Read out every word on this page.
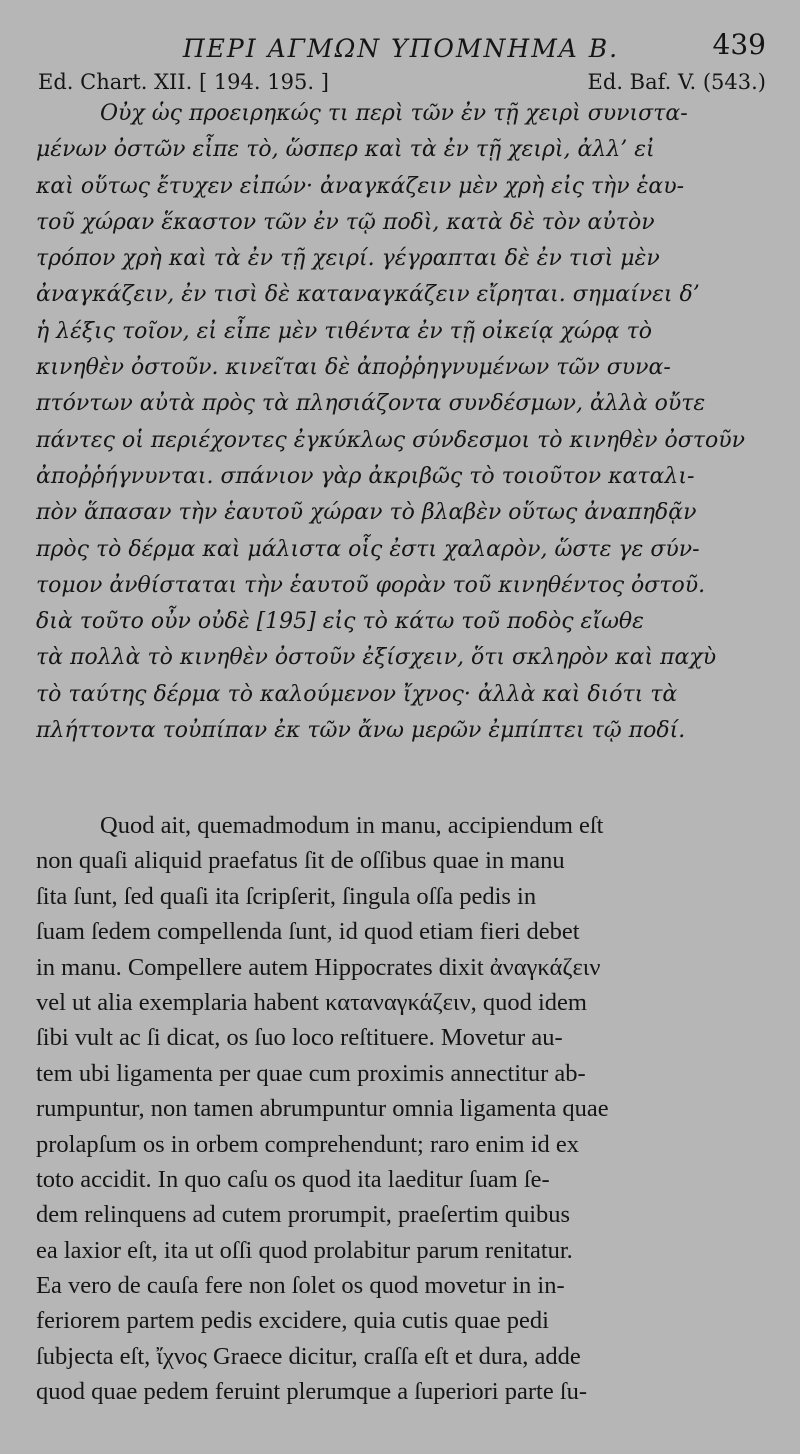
ΠΕΡΙ ΑΓΜΩΝ ΥΠΟΜΝΗΜΑ Β.	439
Ed. Chart. XII. [ 194. 195. ]	Ed. Baf. V. (543.)
Οὐχ ὡς προειρηκώς τι περὶ τῶν ἐν τῇ χειρὶ συνιστα-
μένων ὀστῶν εἶπε τὸ, ὥσπερ καὶ τὰ ἐν τῇ χειρὶ, ἀλλ’ εἰ
καὶ οὕτως ἔτυχεν εἰπών· ἀναγκάζειν μὲν χρὴ εἰς τὴν ἑαυ-
τοῦ χώραν ἕκαστον τῶν ἐν τῷ ποδὶ, κατὰ δὲ τὸν αὐτὸν
τρόπον χρὴ καὶ τὰ ἐν τῇ χειρί. γέγραπται δὲ ἐν τισὶ μὲν
ἀναγκάζειν, ἐν τισὶ δὲ καταναγκάζειν εἴρηται. σημαίνει δ’
ἡ λέξις τοῖον, εἰ εἶπε μὲν τιθέντα ἐν τῇ οἰκείᾳ χώρᾳ τὸ
κινηθὲν ὀστοῦν. κινεῖται δὲ ἀποῤῥηγνυμένων τῶν συνα-
πτόντων αὐτὰ πρὸς τὰ πλησιάζοντα συνδέσμων, ἀλλὰ οὔτε
πάντες οἱ περιέχοντες ἐγκύκλως σύνδεσμοι τὸ κινηθὲν ὀστοῦν
ἀποῤῥήγνυνται. σπάνιον γὰρ ἀκριβῶς τὸ τοιοῦτον καταλι-
πὸν ἅπασαν τὴν ἑαυτοῦ χώραν τὸ βλαβὲν οὕτως ἀναπηδᾷν
πρὸς τὸ δέρμα καὶ μάλιστα οἷς ἐστι χαλαρὸν, ὥστε γε σύν-
τομον ἀνθίσταται τὴν ἑαυτοῦ φορὰν τοῦ κινηθέντος ὀστοῦ.
διὰ τοῦτο οὖν οὐδὲ [195] εἰς τὸ κάτω τοῦ ποδὸς εἴωθε
τὰ πολλὰ τὸ κινηθὲν ὀστοῦν ἐξίσχειν, ὅτι σκληρὸν καὶ παχὺ
τὸ ταύτης δέρμα τὸ καλούμενον ἴχνος· ἀλλὰ καὶ διότι τὰ
πλήττοντα τοὐπίπαν ἐκ τῶν ἄνω μερῶν ἐμπίπτει τῷ ποδί.
Quod ait, quemadmodum in manu, accipiendum eſt
non quaſi aliquid praefatus ſit de oſſibus quae in manu
ſita ſunt, ſed quaſi ita ſcripſerit, ſingula oſſa pedis in
ſuam ſedem compellenda ſunt, id quod etiam fieri debet
in manu. Compellere autem Hippocrates dixit ἀναγκάζειν
vel ut alia exemplaria habent καταναγκάζειν, quod idem
ſibi vult ac ſi dicat, os ſuo loco reſtituere. Movetur au-
tem ubi ligamenta per quae cum proximis annectitur ab-
rumpuntur, non tamen abrumpuntur omnia ligamenta quae
prolapſum os in orbem comprehendunt; raro enim id ex
toto accidit. In quo caſu os quod ita laeditur ſuam ſe-
dem relinquens ad cutem prorumpit, praeſertim quibus
ea laxior eſt, ita ut oſſi quod prolabitur parum renitatur.
Ea vero de cauſa fere non ſolet os quod movetur in in-
feriorem partem pedis excidere, quia cutis quae pedi
ſubjecta eſt, ἴχνος Graece dicitur, craſſa eſt et dura, adde
quod quae pedem feruint plerumque a ſuperiori parte ſu-
